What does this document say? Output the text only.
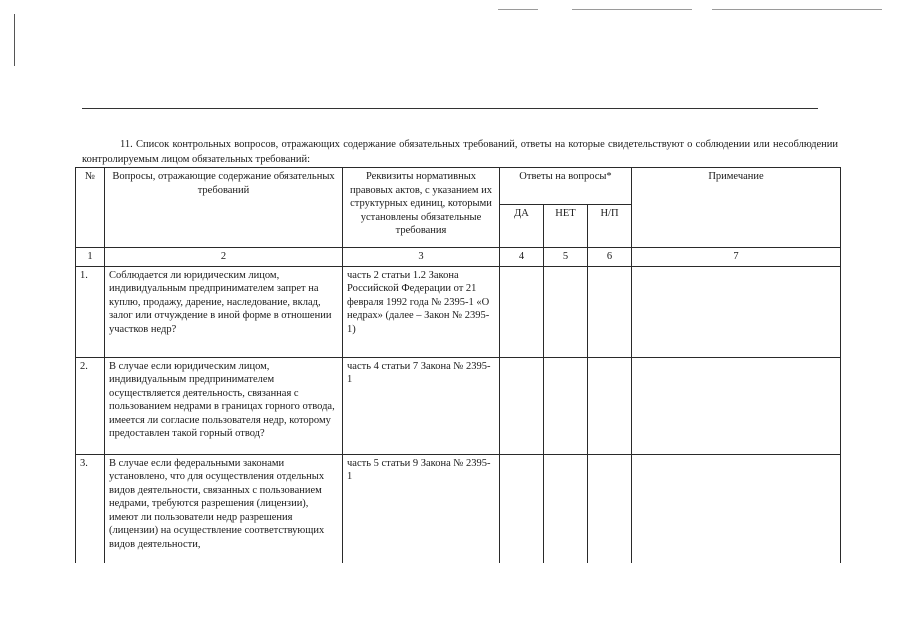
11. Список контрольных вопросов, отражающих содержание обязательных требований, ответы на которые свидетельствуют о соблюдении или несоблюдении контролируемым лицом обязательных требований:

№	Вопросы, отражающие содержание обязательных требований	Реквизиты нормативных правовых актов, с указанием их структурных единиц, которыми установлены обязательные требования	Ответы на вопросы*			Примечание
			ДА	НЕТ	Н/П	
1	2	3	4	5	6	7
1.	Соблюдается ли юридическим лицом, индивидуальным предпринимателем запрет на куплю, продажу, дарение, наследование, вклад, залог или отчуждение в иной форме в отношении участков недр?	часть 2 статьи 1.2 Закона Российской Федерации от 21 февраля 1992 года № 2395-1 «О недрах» (далее – Закон № 2395-1)				
2.	В случае если юридическим лицом, индивидуальным предпринимателем осуществляется деятельность, связанная с пользованием недрами в границах горного отвода, имеется ли согласие пользователя недр, которому предоставлен такой горный отвод?	часть 4 статьи 7 Закона № 2395-1				
3.	В случае если федеральными законами установлено, что для осуществления отдельных видов деятельности, связанных с пользованием недрами, требуются разрешения (лицензии), имеют ли пользователи недр разрешения (лицензии) на осуществление соответствующих видов деятельности,	часть 5 статьи 9 Закона № 2395-1				
